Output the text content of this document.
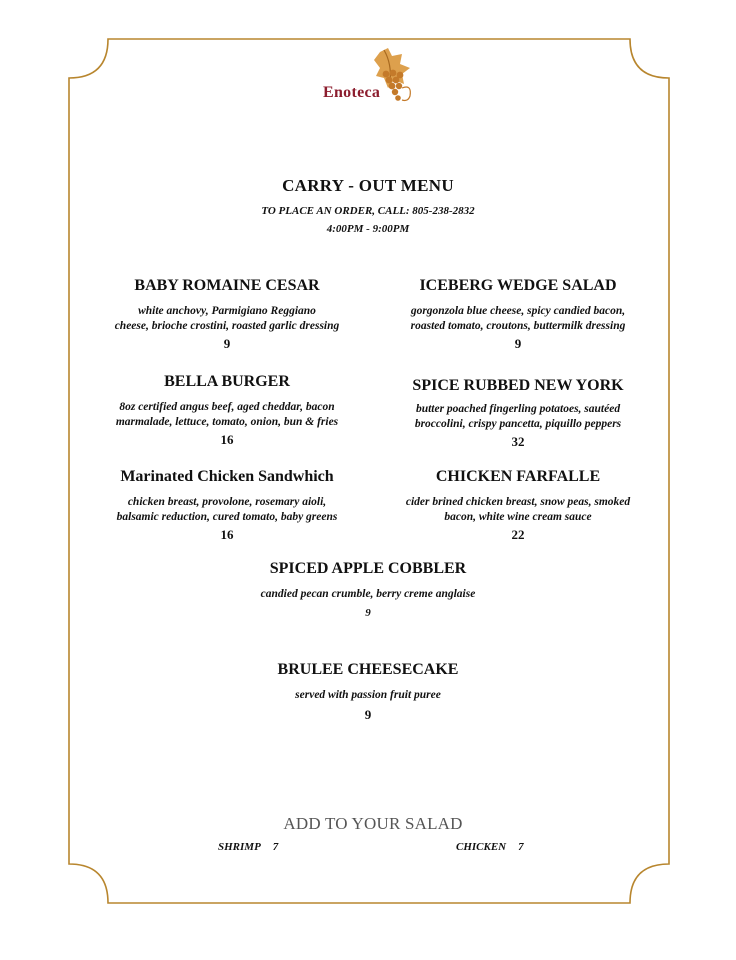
Enoteca
CARRY - OUT MENU
TO PLACE AN ORDER, CALL: 805-238-2832
4:00PM - 9:00PM
BABY ROMAINE CESAR
white anchovy, Parmigiano Reggiano
cheese, brioche crostini, roasted garlic dressing
9
ICEBERG WEDGE SALAD
gorgonzola blue cheese, spicy candied bacon,
roasted tomato, croutons, buttermilk dressing
9
BELLA BURGER
8oz certified angus beef, aged cheddar, bacon
marmalade, lettuce, tomato, onion, bun & fries
16
SPICE RUBBED NEW YORK
butter poached fingerling potatoes, sautéed
broccolini, crispy pancetta, piquillo peppers
32
Marinated Chicken Sandwhich
chicken breast, provolone, rosemary aioli,
balsamic reduction, cured tomato, baby greens
16
CHICKEN FARFALLE
cider brined chicken breast, snow peas, smoked
bacon, white wine cream sauce
22
SPICED APPLE COBBLER
candied pecan crumble, berry creme anglaise
9
BRULEE CHEESECAKE
served with passion fruit puree
9
ADD TO YOUR SALAD
SHRIMP 7	CHICKEN 7
